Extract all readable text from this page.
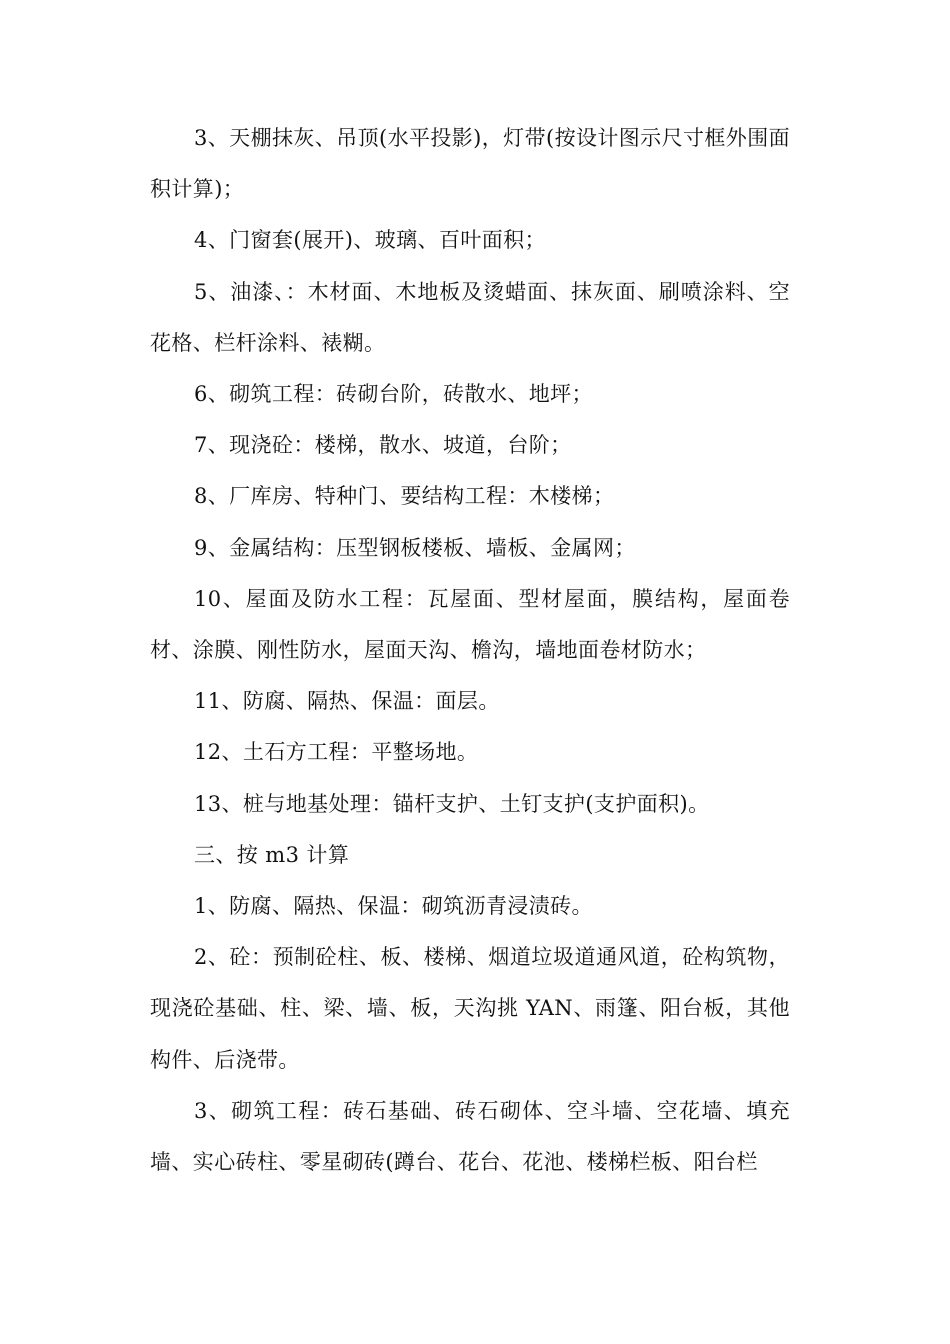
3、天棚抹灰、吊顶(水平投影)，灯带(按设计图示尺寸框外围面积计算)；

4、门窗套(展开)、玻璃、百叶面积；

5、油漆、：木材面、木地板及烫蜡面、抹灰面、刷喷涂料、空花格、栏杆涂料、裱糊。

6、砌筑工程：砖砌台阶，砖散水、地坪；

7、现浇砼：楼梯，散水、坡道，台阶；

8、厂库房、特种门、要结构工程：木楼梯；

9、金属结构：压型钢板楼板、墙板、金属网；

10、屋面及防水工程：瓦屋面、型材屋面，膜结构，屋面卷材、涂膜、刚性防水，屋面天沟、檐沟，墙地面卷材防水；

11、防腐、隔热、保温：面层。

12、土石方工程：平整场地。

13、桩与地基处理：锚杆支护、土钉支护(支护面积)。

三、按 m3 计算

1、防腐、隔热、保温：砌筑沥青浸渍砖。

2、砼：预制砼柱、板、楼梯、烟道垃圾道通风道，砼构筑物，现浇砼基础、柱、梁、墙、板，天沟挑 YAN、雨篷、阳台板，其他构件、后浇带。

3、砌筑工程：砖石基础、砖石砌体、空斗墙、空花墙、填充墙、实心砖柱、零星砌砖(蹲台、花台、花池、楼梯栏板、阳台栏
